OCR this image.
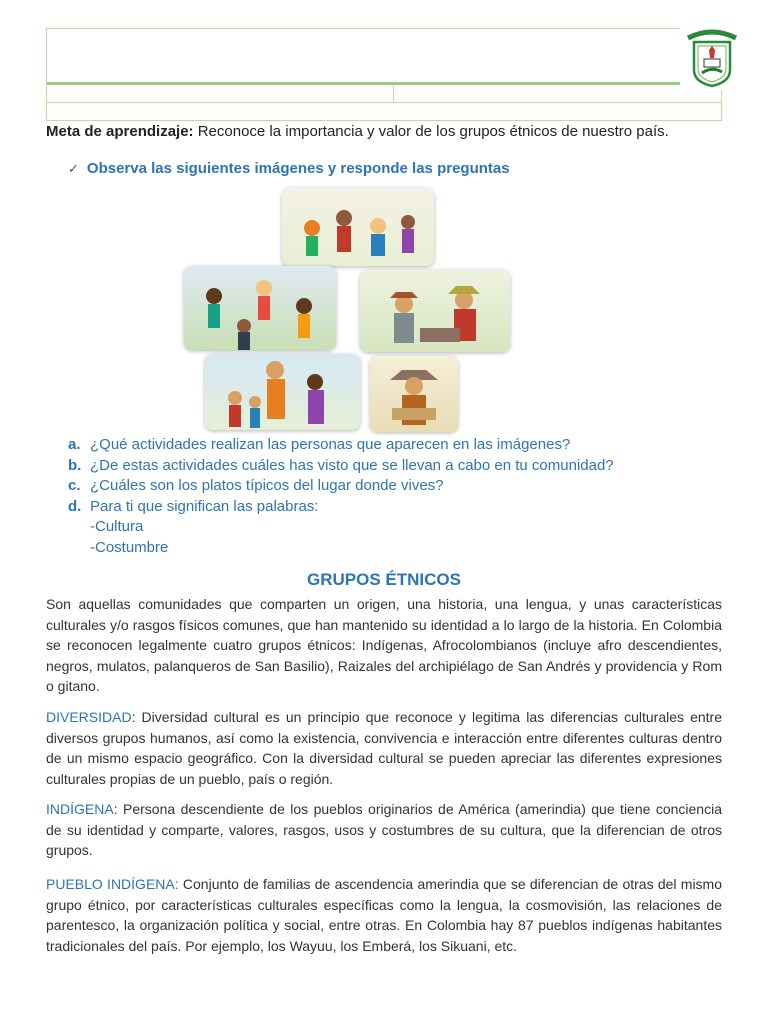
Meta de aprendizaje: Reconoce la importancia y valor de los grupos étnicos de nuestro país.
✓ Observa las siguientes imágenes y responde las preguntas
a. ¿Qué actividades realizan las personas que aparecen en las imágenes?
b. ¿De estas actividades cuáles has visto que se llevan a cabo en tu comunidad?
c. ¿Cuáles son los platos típicos del lugar donde vives?
d. Para ti que significan las palabras:
-Cultura
-Costumbre
GRUPOS ÉTNICOS
Son aquellas comunidades que comparten un origen, una historia, una lengua, y unas características culturales y/o rasgos físicos comunes, que han mantenido su identidad a lo largo de la historia. En Colombia se reconocen legalmente cuatro grupos étnicos: Indígenas, Afrocolombianos (incluye afro descendientes, negros, mulatos, palanqueros de San Basilio), Raizales del archipiélago de San Andrés y providencia y Rom o gitano.
DIVERSIDAD: Diversidad cultural es un principio que reconoce y legitima las diferencias culturales entre diversos grupos humanos, así como la existencia, convivencia e interacción entre diferentes culturas dentro de un mismo espacio geográfico. Con la diversidad cultural se pueden apreciar las diferentes expresiones culturales propias de un pueblo, país o región.
INDÍGENA: Persona descendiente de los pueblos originarios de América (amerindia) que tiene conciencia de su identidad y comparte, valores, rasgos, usos y costumbres de su cultura, que la diferencian de otros grupos.
PUEBLO INDÍGENA: Conjunto de familias de ascendencia amerindia que se diferencian de otras del mismo grupo étnico, por características culturales específicas como la lengua, la cosmovisión, las relaciones de parentesco, la organización política y social, entre otras. En Colombia hay 87 pueblos indígenas habitantes tradicionales del país. Por ejemplo, los Wayuu, los Emberá, los Sikuani, etc.
